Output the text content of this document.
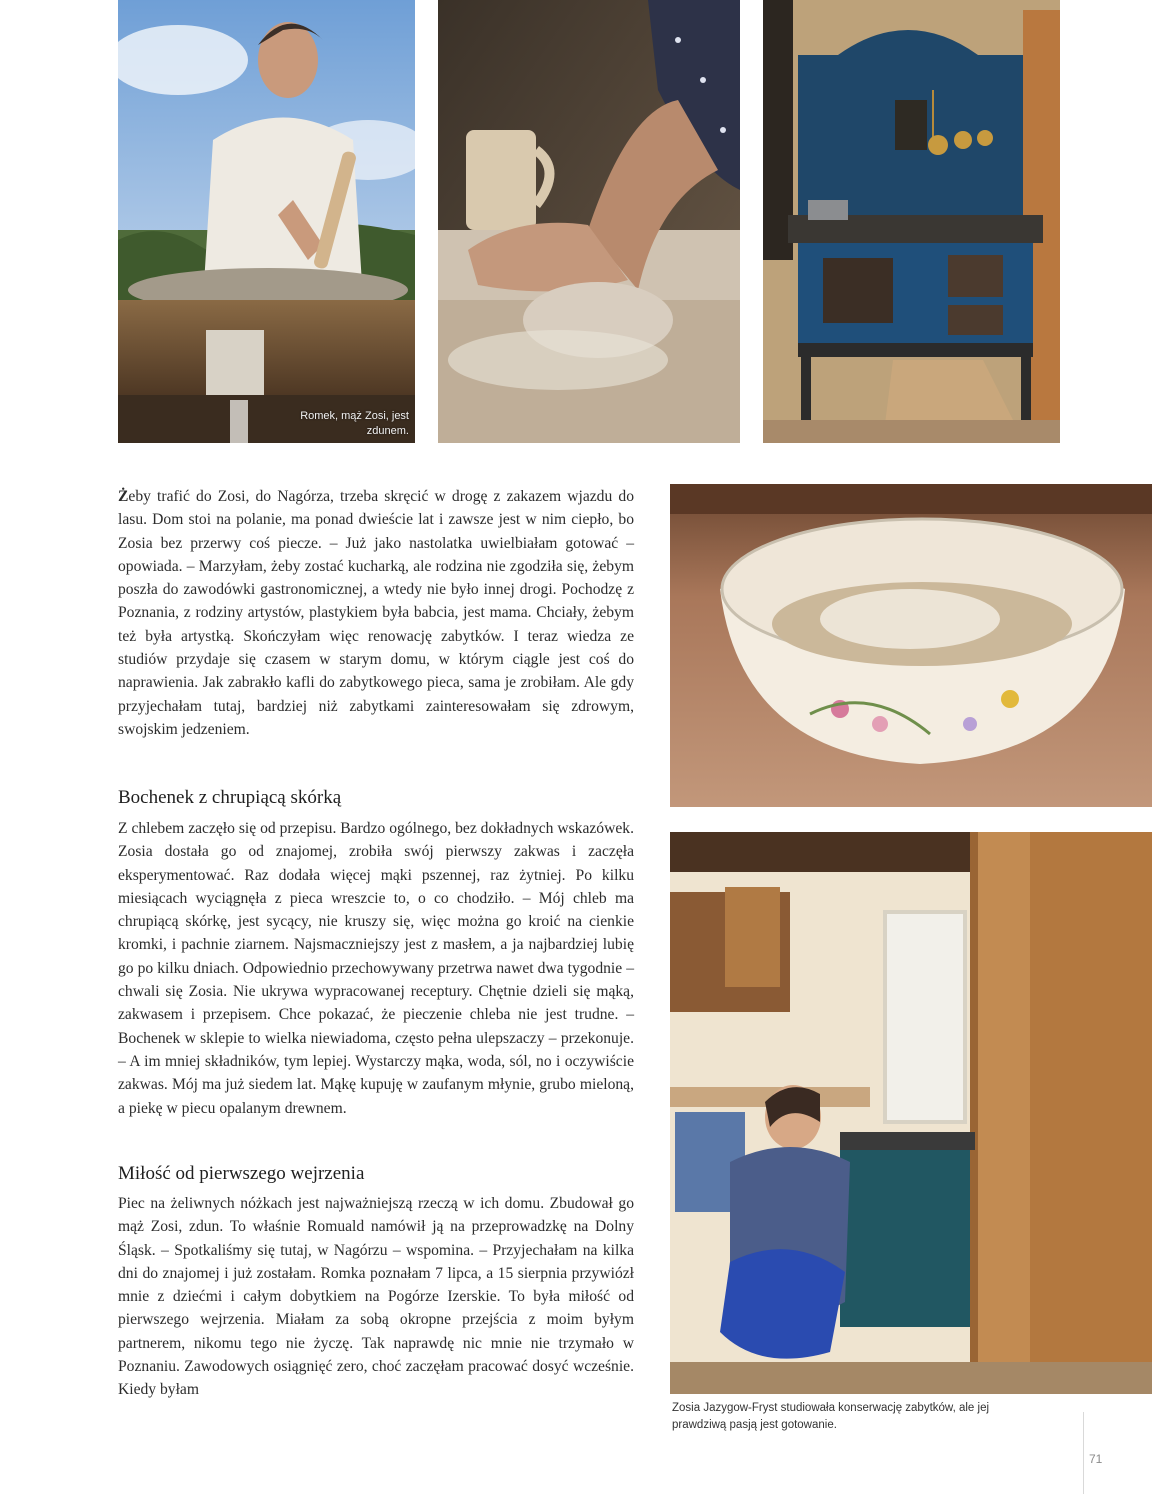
Romek, mąż Zosi, jest zdunem.

Żeby trafić do Zosi, do Nagórza, trzeba skręcić w drogę z zakazem wjazdu do lasu. Dom stoi na polanie, ma ponad dwieście lat i zawsze jest w nim ciepło, bo Zosia bez przerwy coś piecze. – Już jako nastolatka uwielbiałam gotować – opowiada. – Marzyłam, żeby zostać kucharką, ale rodzina nie zgodziła się, żebym poszła do zawodówki gastronomicznej, a wtedy nie było innej drogi. Pochodzę z Poznania, z rodziny artystów, plastykiem była babcia, jest mama. Chciały, żebym też była artystką. Skończyłam więc renowację zabytków. I teraz wiedza ze studiów przydaje się czasem w starym domu, w którym ciągle jest coś do naprawienia. Jak zabrakło kafli do zabytkowego pieca, sama je zrobiłam. Ale gdy przyjechałam tutaj, bardziej niż zabytkami zainteresowałam się zdrowym, swojskim jedzeniem.

Bochenek z chrupiącą skórką

Z chlebem zaczęło się od przepisu. Bardzo ogólnego, bez dokładnych wskazówek. Zosia dostała go od znajomej, zrobiła swój pierwszy zakwas i zaczęła eksperymentować. Raz dodała więcej mąki pszennej, raz żytniej. Po kilku miesiącach wyciągnęła z pieca wreszcie to, o co chodziło. – Mój chleb ma chrupiącą skórkę, jest sycący, nie kruszy się, więc można go kroić na cienkie kromki, i pachnie ziarnem. Najsmaczniejszy jest z masłem, a ja najbardziej lubię go po kilku dniach. Odpowiednio przechowywany przetrwa nawet dwa tygodnie – chwali się Zosia. Nie ukrywa wypracowanej receptury. Chętnie dzieli się mąką, zakwasem i przepisem. Chce pokazać, że pieczenie chleba nie jest trudne. – Bochenek w sklepie to wielka niewiadoma, często pełna ulepszaczy – przekonuje. – A im mniej składników, tym lepiej. Wystarczy mąka, woda, sól, no i oczywiście zakwas. Mój ma już siedem lat. Mąkę kupuję w zaufanym młynie, grubo mieloną, a piekę w piecu opalanym drewnem.

Miłość od pierwszego wejrzenia

Piec na żeliwnych nóżkach jest najważniejszą rzeczą w ich domu. Zbudował go mąż Zosi, zdun. To właśnie Romuald namówił ją na przeprowadzkę na Dolny Śląsk. – Spotkaliśmy się tutaj, w Nagórzu – wspomina. – Przyjechałam na kilka dni do znajomej i już zostałam. Romka poznałam 7 lipca, a 15 sierpnia przywiózł mnie z dziećmi i całym dobytkiem na Pogórze Izerskie. To była miłość od pierwszego wejrzenia. Miałam za sobą okropne przejścia z moim byłym partnerem, nikomu tego nie życzę. Tak naprawdę nic mnie nie trzymało w Poznaniu. Zawodowych osiągnięć zero, choć zaczęłam pracować dosyć wcześnie. Kiedy byłam

Zosia Jazygow-Fryst studiowała konserwację zabytków, ale jej prawdziwą pasją jest gotowanie.
71
